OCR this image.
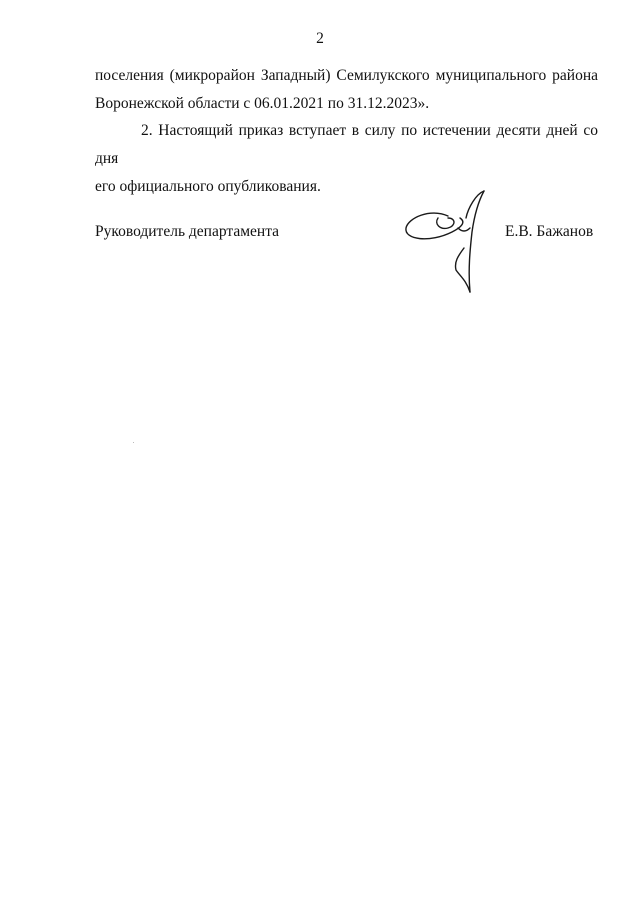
2
поселения (микрорайон Западный) Семилукского муниципального района
Воронежской области с 06.01.2021 по 31.12.2023».
2. Настоящий приказ вступает в силу по истечении десяти дней со дня
его официального опубликования.
Руководитель департамента	Е.В. Бажанов
